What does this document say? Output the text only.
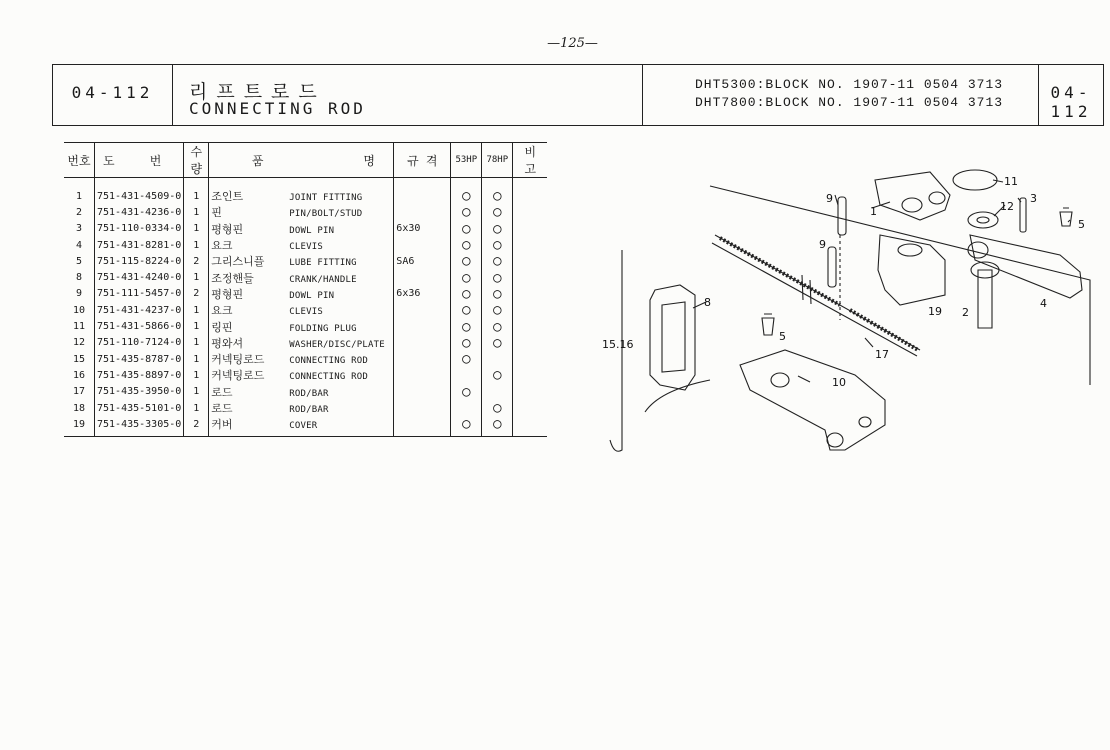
—125—
04-112	리프트로드
CONNECTING ROD
DHT5300:BLOCK NO. 1907-11 0504 3713
DHT7800:BLOCK NO. 1907-11 0504 3713
04-112
번호	도 번	수량	품 명	규 격	53HP	78HP	비 고
1	751-431-4509-0	1	조인트 JOINT FITTING		○	○	
2	751-431-4236-0	1	핀 PIN/BOLT/STUD		○	○	
3	751-110-0334-0	1	평형핀 DOWL PIN	6x30	○	○	
4	751-431-8281-0	1	요크 CLEVIS		○	○	
5	751-115-8224-0	2	그리스니플 LUBE FITTING	SA6	○	○	
8	751-431-4240-0	1	조정핸들 CRANK/HANDLE		○	○	
9	751-111-5457-0	2	평형핀 DOWL PIN	6x36	○	○	
10	751-431-4237-0	1	요크 CLEVIS		○	○	
11	751-431-5866-0	1	링핀 FOLDING PLUG		○	○	
12	751-110-7124-0	1	평와셔 WASHER/DISC/PLATE		○	○	
15	751-435-8787-0	1	커넥팅로드 CONNECTING ROD		○		
16	751-435-8897-0	1	커넥팅로드 CONNECTING ROD			○	
17	751-435-3950-0	1	로드 ROD/BAR		○		
18	751-435-5101-0	1	로드 ROD/BAR			○	
19	751-435-3305-0	2	커버 COVER		○	○	
9
1
11
3
12
5
9
8
19 2
4
15.16
5
17
10
